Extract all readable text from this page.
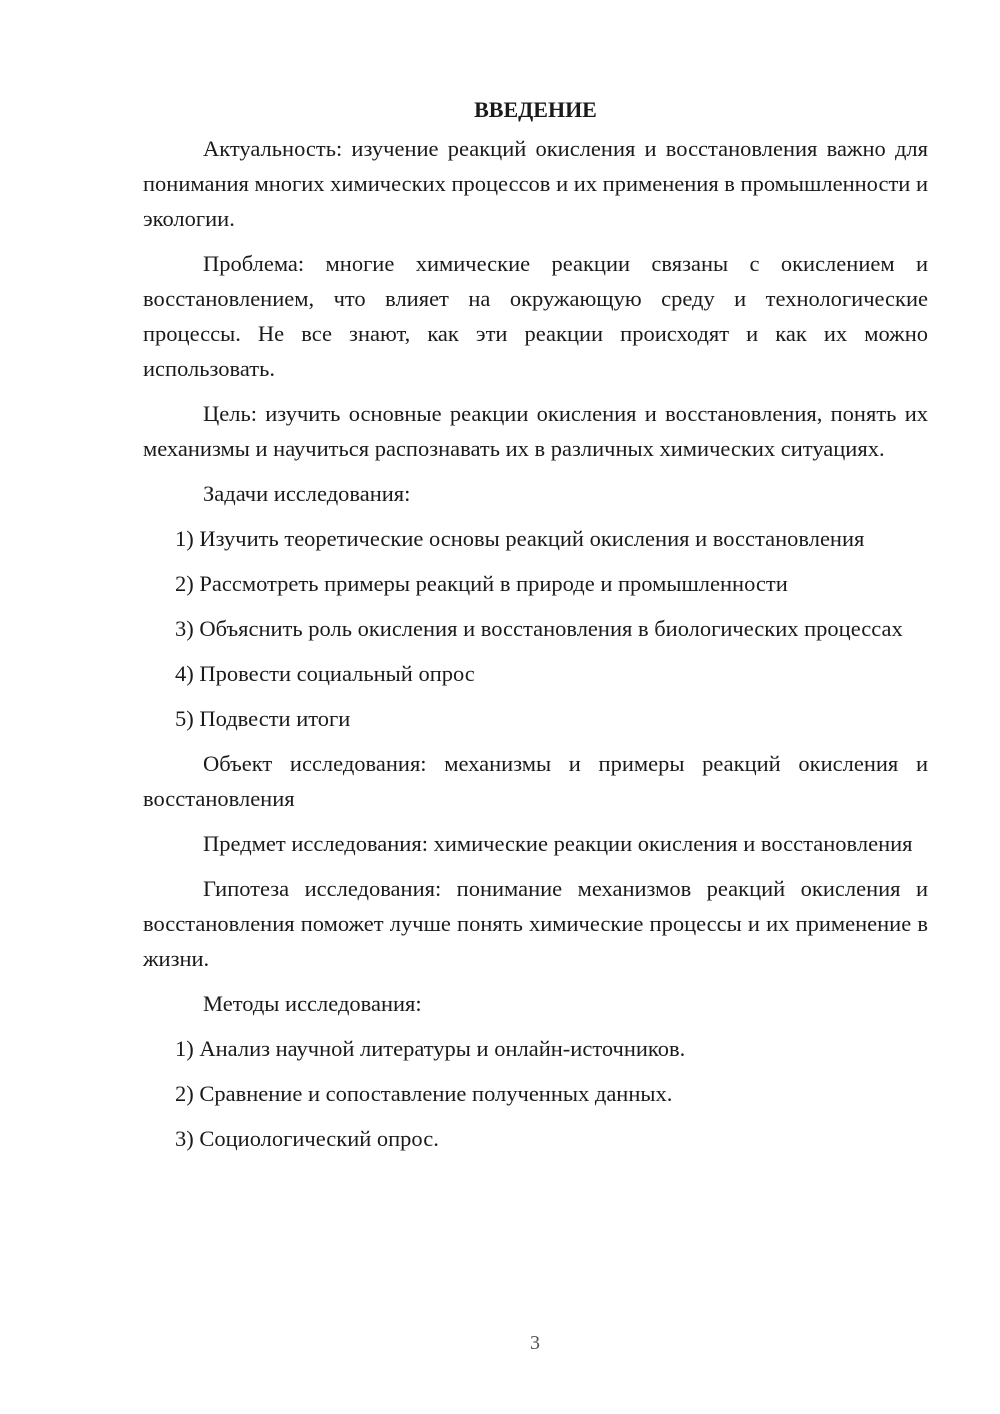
ВВЕДЕНИЕ

Актуальность: изучение реакций окисления и восстановления важно для понимания многих химических процессов и их применения в промышленности и экологии.

Проблема: многие химические реакции связаны с окислением и восстановлением, что влияет на окружающую среду и технологические процессы. Не все знают, как эти реакции происходят и как их можно использовать.

Цель: изучить основные реакции окисления и восстановления, понять их механизмы и научиться распознавать их в различных химических ситуациях.

Задачи исследования:

1) Изучить теоретические основы реакций окисления и восстановления

2) Рассмотреть примеры реакций в природе и промышленности

3) Объяснить роль окисления и восстановления в биологических процессах

4) Провести социальный опрос

5) Подвести итоги

Объект исследования: механизмы и примеры реакций окисления и восстановления

Предмет исследования: химические реакции окисления и восстановления

Гипотеза исследования: понимание механизмов реакций окисления и восстановления поможет лучше понять химические процессы и их применение в жизни.

Методы исследования:

1) Анализ научной литературы и онлайн-источников.

2) Сравнение и сопоставление полученных данных.

3) Социологический опрос.

3
